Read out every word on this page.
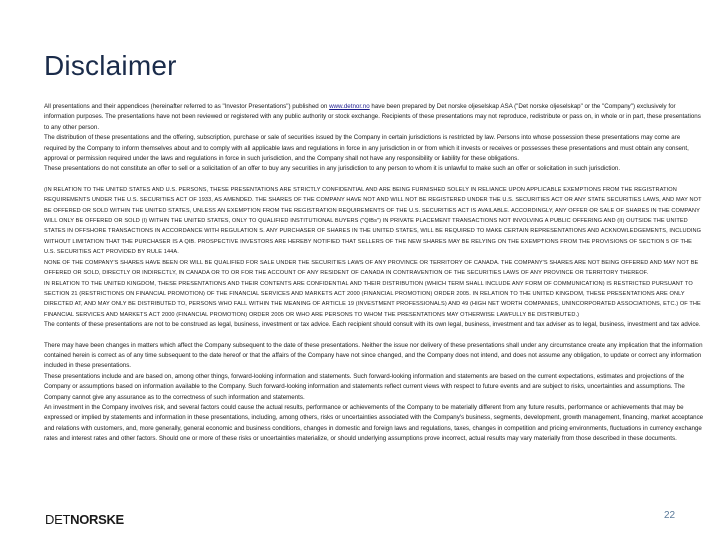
Disclaimer

All presentations and their appendices (hereinafter referred to as "Investor Presentations") published on www.detnor.no have been prepared by Det norske oljeselskap ASA ("Det norske oljeselskap" or the "Company") exclusively for information purposes. The presentations have not been reviewed or registered with any public authority or stock exchange. Recipients of these presentations may not reproduce, redistribute or pass on, in whole or in part, these presentations to any other person.

The distribution of these presentations and the offering, subscription, purchase or sale of securities issued by the Company in certain jurisdictions is restricted by law. Persons into whose possession these presentations may come are required by the Company to inform themselves about and to comply with all applicable laws and regulations in force in any jurisdiction in or from which it invests or receives or possesses these presentations and must obtain any consent, approval or permission required under the laws and regulations in force in such jurisdiction, and the Company shall not have any responsibility or liability for these obligations.

These presentations do not constitute an offer to sell or a solicitation of an offer to buy any securities in any jurisdiction to any person to whom it is unlawful to make such an offer or solicitation in such jurisdiction.

(IN RELATION TO THE UNITED STATES AND U.S. PERSONS, THESE PRESENTATIONS ARE STRICTLY CONFIDENTIAL AND ARE BEING FURNISHED SOLELY IN RELIANCE UPON APPLICABLE EXEMPTIONS FROM THE REGISTRATION REQUIREMENTS UNDER THE U.S. SECURITIES ACT OF 1933, AS AMENDED. THE SHARES OF THE COMPANY HAVE NOT AND WILL NOT BE REGISTERED UNDER THE U.S. SECURITIES ACT OR ANY STATE SECURITIES LAWS, AND MAY NOT BE OFFERED OR SOLD WITHIN THE UNITED STATES, UNLESS AN EXEMPTION FROM THE REGISTRATION REQUIREMENTS OF THE U.S. SECURITIES ACT IS AVAILABLE. ACCORDINGLY, ANY OFFER OR SALE OF SHARES IN THE COMPANY WILL ONLY BE OFFERED OR SOLD (I) WITHIN THE UNITED STATES, ONLY TO QUALIFIED INSTITUTIONAL BUYERS ("QIBs") IN PRIVATE PLACEMENT TRANSACTIONS NOT INVOLVING A PUBLIC OFFERING AND (II) OUTSIDE THE UNITED STATES IN OFFSHORE TRANSACTIONS IN ACCORDANCE WITH REGULATION S. ANY PURCHASER OF SHARES IN THE UNITED STATES, WILL BE REQUIRED TO MAKE CERTAIN REPRESENTATIONS AND ACKNOWLEDGEMENTS, INCLUDING WITHOUT LIMITATION THAT THE PURCHASER IS A QIB. PROSPECTIVE INVESTORS ARE HEREBY NOTIFIED THAT SELLERS OF THE NEW SHARES MAY BE RELYING ON THE EXEMPTIONS FROM THE PROVISIONS OF SECTION 5 OF THE U.S. SECURITIES ACT PROVIDED BY RULE 144A.

NONE OF THE COMPANY'S SHARES HAVE BEEN OR WILL BE QUALIFIED FOR SALE UNDER THE SECURITIES LAWS OF ANY PROVINCE OR TERRITORY OF CANADA. THE COMPANY'S SHARES ARE NOT BEING OFFERED AND MAY NOT BE OFFERED OR SOLD, DIRECTLY OR INDIRECTLY, IN CANADA OR TO OR FOR THE ACCOUNT OF ANY RESIDENT OF CANADA IN CONTRAVENTION OF THE SECURITIES LAWS OF ANY PROVINCE OR TERRITORY THEREOF.

IN RELATION TO THE UNITED KINGDOM, THESE PRESENTATIONS AND THEIR CONTENTS ARE CONFIDENTIAL AND THEIR DISTRIBUTION (WHICH TERM SHALL INCLUDE ANY FORM OF COMMUNICATION) IS RESTRICTED PURSUANT TO SECTION 21 (RESTRICTIONS ON FINANCIAL PROMOTION) OF THE FINANCIAL SERVICES AND MARKETS ACT 2000 (FINANCIAL PROMOTION) ORDER 2005. IN RELATION TO THE UNITED KINGDOM, THESE PRESENTATIONS ARE ONLY DIRECTED AT, AND MAY ONLY BE DISTRIBUTED TO, PERSONS WHO FALL WITHIN THE MEANING OF ARTICLE 19 (INVESTMENT PROFESSIONALS) AND 49 (HIGH NET WORTH COMPANIES, UNINCORPORATED ASSOCIATIONS, ETC.) OF THE FINANCIAL SERVICES AND MARKETS ACT 2000 (FINANCIAL PROMOTION) ORDER 2005 OR WHO ARE PERSONS TO WHOM THE PRESENTATIONS MAY OTHERWISE LAWFULLY BE DISTRIBUTED.)

The contents of these presentations are not to be construed as legal, business, investment or tax advice. Each recipient should consult with its own legal, business, investment and tax adviser as to legal, business, investment and tax advice.

There may have been changes in matters which affect the Company subsequent to the date of these presentations. Neither the issue nor delivery of these presentations shall under any circumstance create any implication that the information contained herein is correct as of any time subsequent to the date hereof or that the affairs of the Company have not since changed, and the Company does not intend, and does not assume any obligation, to update or correct any information included in these presentations.

These presentations include and are based on, among other things, forward-looking information and statements. Such forward-looking information and statements are based on the current expectations, estimates and projections of the Company or assumptions based on information available to the Company. Such forward-looking information and statements reflect current views with respect to future events and are subject to risks, uncertainties and assumptions. The Company cannot give any assurance as to the correctness of such information and statements.

An investment in the Company involves risk, and several factors could cause the actual results, performance or achievements of the Company to be materially different from any future results, performance or achievements that may be expressed or implied by statements and information in these presentations, including, among others, risks or uncertainties associated with the Company's business, segments, development, growth management, financing, market acceptance and relations with customers, and, more generally, general economic and business conditions, changes in domestic and foreign laws and regulations, taxes, changes in competition and pricing environments, fluctuations in currency exchange rates and interest rates and other factors. Should one or more of these risks or uncertainties materialize, or should underlying assumptions prove incorrect, actual results may vary materially from those described in these documents.

DETNORSKE	22
